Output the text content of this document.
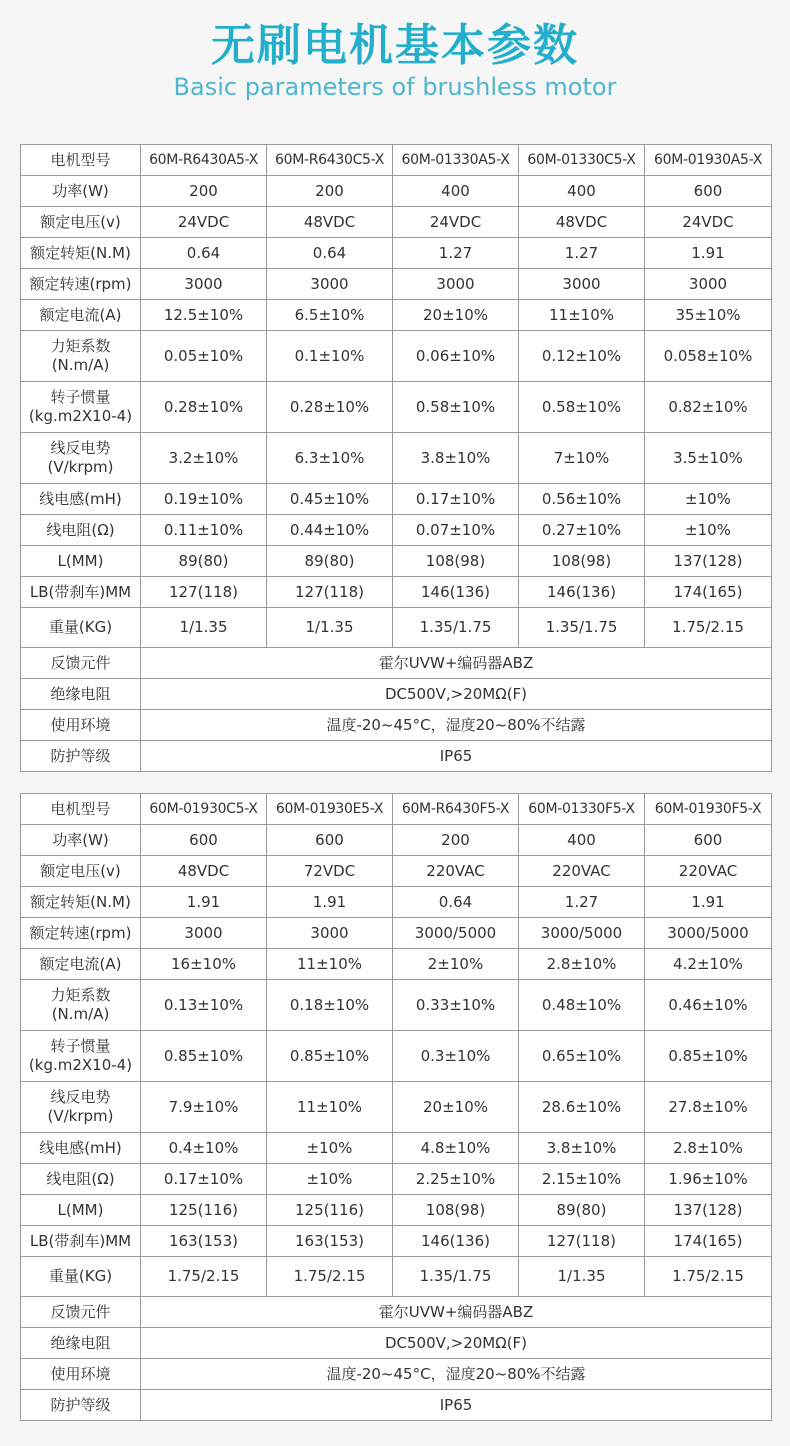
无刷电机基本参数
Basic parameters of brushless motor
电机型号	60M-R6430A5-X	60M-R6430C5-X	60M-01330A5-X	60M-01330C5-X	60M-01930A5-X
功率(W)	200	200	400	400	600
额定电压(v)	24VDC	48VDC	24VDC	48VDC	24VDC
额定转矩(N.M)	0.64	0.64	1.27	1.27	1.91
额定转速(rpm)	3000	3000	3000	3000	3000
额定电流(A)	12.5±10%	6.5±10%	20±10%	11±10%	35±10%
力矩系数
(N.m/A)	0.05±10%	0.1±10%	0.06±10%	0.12±10%	0.058±10%
转子惯量
(kg.m2X10-4)	0.28±10%	0.28±10%	0.58±10%	0.58±10%	0.82±10%
线反电势
(V/krpm)	3.2±10%	6.3±10%	3.8±10%	7±10%	3.5±10%
线电感(mH)	0.19±10%	0.45±10%	0.17±10%	0.56±10%	±10%
线电阻(Ω)	0.11±10%	0.44±10%	0.07±10%	0.27±10%	±10%
L(MM)	89(80)	89(80)	108(98)	108(98)	137(128)
LB(带刹车)MM	127(118)	127(118)	146(136)	146(136)	174(165)
重量(KG)	1/1.35	1/1.35	1.35/1.75	1.35/1.75	1.75/2.15
反馈元件	霍尔UVW+编码器ABZ				
绝缘电阻	DC500V,>20MΩ(F)				
使用环境	温度-20~45°C，湿度20~80%不结露				
防护等级	IP65				
电机型号	60M-01930C5-X	60M-01930E5-X	60M-R6430F5-X	60M-01330F5-X	60M-01930F5-X
功率(W)	600	600	200	400	600
额定电压(v)	48VDC	72VDC	220VAC	220VAC	220VAC
额定转矩(N.M)	1.91	1.91	0.64	1.27	1.91
额定转速(rpm)	3000	3000	3000/5000	3000/5000	3000/5000
额定电流(A)	16±10%	11±10%	2±10%	2.8±10%	4.2±10%
力矩系数
(N.m/A)	0.13±10%	0.18±10%	0.33±10%	0.48±10%	0.46±10%
转子惯量
(kg.m2X10-4)	0.85±10%	0.85±10%	0.3±10%	0.65±10%	0.85±10%
线反电势
(V/krpm)	7.9±10%	11±10%	20±10%	28.6±10%	27.8±10%
线电感(mH)	0.4±10%	±10%	4.8±10%	3.8±10%	2.8±10%
线电阻(Ω)	0.17±10%	±10%	2.25±10%	2.15±10%	1.96±10%
L(MM)	125(116)	125(116)	108(98)	89(80)	137(128)
LB(带刹车)MM	163(153)	163(153)	146(136)	127(118)	174(165)
重量(KG)	1.75/2.15	1.75/2.15	1.35/1.75	1/1.35	1.75/2.15
反馈元件	霍尔UVW+编码器ABZ				
绝缘电阻	DC500V,>20MΩ(F)				
使用环境	温度-20~45°C，湿度20~80%不结露				
防护等级	IP65				
